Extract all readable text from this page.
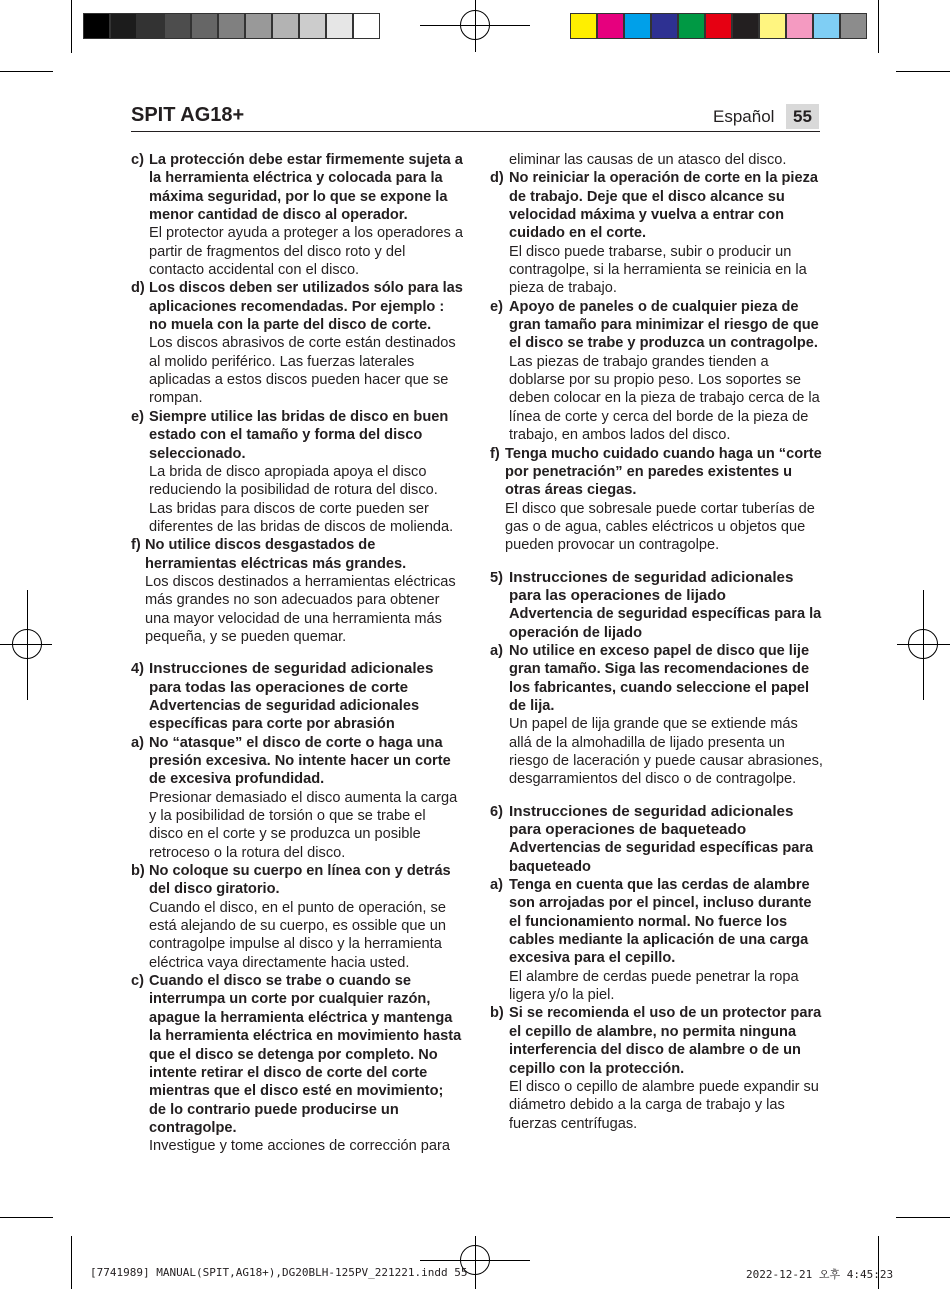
SPIT AG18+	Español	55
c) La protección debe estar firmemente sujeta a la herramienta eléctrica y colocada para la máxima seguridad, por lo que se expone la menor cantidad de disco al operador.
El protector ayuda a proteger a los operadores a partir de fragmentos del disco roto y del contacto accidental con el disco.
d) Los discos deben ser utilizados sólo para las aplicaciones recomendadas. Por ejemplo : no muela con la parte del disco de corte.
Los discos abrasivos de corte están destinados al molido periférico. Las fuerzas laterales aplicadas a estos discos pueden hacer que se rompan.
e) Siempre utilice las bridas de disco en buen estado con el tamaño y forma del disco seleccionado.
La brida de disco apropiada apoya el disco reduciendo la posibilidad de rotura del disco. Las bridas para discos de corte pueden ser diferentes de las bridas de discos de molienda.
f) No utilice discos desgastados de herramientas eléctricas más grandes.
Los discos destinados a herramientas eléctricas más grandes no son adecuados para obtener una mayor velocidad de una herramienta más pequeña, y se pueden quemar.
4) Instrucciones de seguridad adicionales para todas las operaciones de corte
Advertencias de seguridad adicionales específicas para corte por abrasión
a) No “atasque” el disco de corte o haga una presión excesiva. No intente hacer un corte de excesiva profundidad.
Presionar demasiado el disco aumenta la carga y la posibilidad de torsión o que se trabe el disco en el corte y se produzca un posible retroceso o la rotura del disco.
b) No coloque su cuerpo en línea con y detrás del disco giratorio.
Cuando el disco, en el punto de operación, se está alejando de su cuerpo, es ossible que un contragolpe impulse al disco y la herramienta eléctrica vaya directamente hacia usted.
c) Cuando el disco se trabe o cuando se interrumpa un corte por cualquier razón, apague la herramienta eléctrica y mantenga la herramienta eléctrica en movimiento hasta que el disco se detenga por completo. No intente retirar el disco de corte del corte mientras que el disco esté en movimiento; de lo contrario puede producirse un contragolpe.
Investigue y tome acciones de corrección para
eliminar las causas de un atasco del disco.
d) No reiniciar la operación de corte en la pieza de trabajo. Deje que el disco alcance su velocidad máxima y vuelva a entrar con cuidado en el corte.
El disco puede trabarse, subir o producir un contragolpe, si la herramienta se reinicia en la pieza de trabajo.
e) Apoyo de paneles o de cualquier pieza de gran tamaño para minimizar el riesgo de que el disco se trabe y produzca un contragolpe.
Las piezas de trabajo grandes tienden a doblarse por su propio peso. Los soportes se deben colocar en la pieza de trabajo cerca de la línea de corte y cerca del borde de la pieza de trabajo, en ambos lados del disco.
f) Tenga mucho cuidado cuando haga un “corte por penetración” en paredes existentes u otras áreas ciegas.
El disco que sobresale puede cortar tuberías de gas o de agua, cables eléctricos u objetos que pueden provocar un contragolpe.
5) Instrucciones de seguridad adicionales para las operaciones de lijado
Advertencia de seguridad específicas para la operación de lijado
a) No utilice en exceso papel de disco que lije gran tamaño. Siga las recomendaciones de los fabricantes, cuando seleccione el papel de lija.
Un papel de lija grande que se extiende más allá de la almohadilla de lijado presenta un riesgo de laceración y puede causar abrasiones, desgarramientos del disco o de contragolpe.
6) Instrucciones de seguridad adicionales para operaciones de baqueteado
Advertencias de seguridad específicas para baqueteado
a) Tenga en cuenta que las cerdas de alambre son arrojadas por el pincel, incluso durante el funcionamiento normal. No fuerce los cables mediante la aplicación de una carga excesiva para el cepillo.
El alambre de cerdas puede penetrar la ropa ligera y/o la piel.
b) Si se recomienda el uso de un protector para el cepillo de alambre, no permita ninguna interferencia del disco de alambre o de un cepillo con la protección.
El disco o cepillo de alambre puede expandir su diámetro debido a la carga de trabajo y las fuerzas centrífugas.
[7741989] MANUAL(SPIT,AG18+),DG20BLH-125PV_221221.indd 55	2022-12-21 오후 4:45:23
